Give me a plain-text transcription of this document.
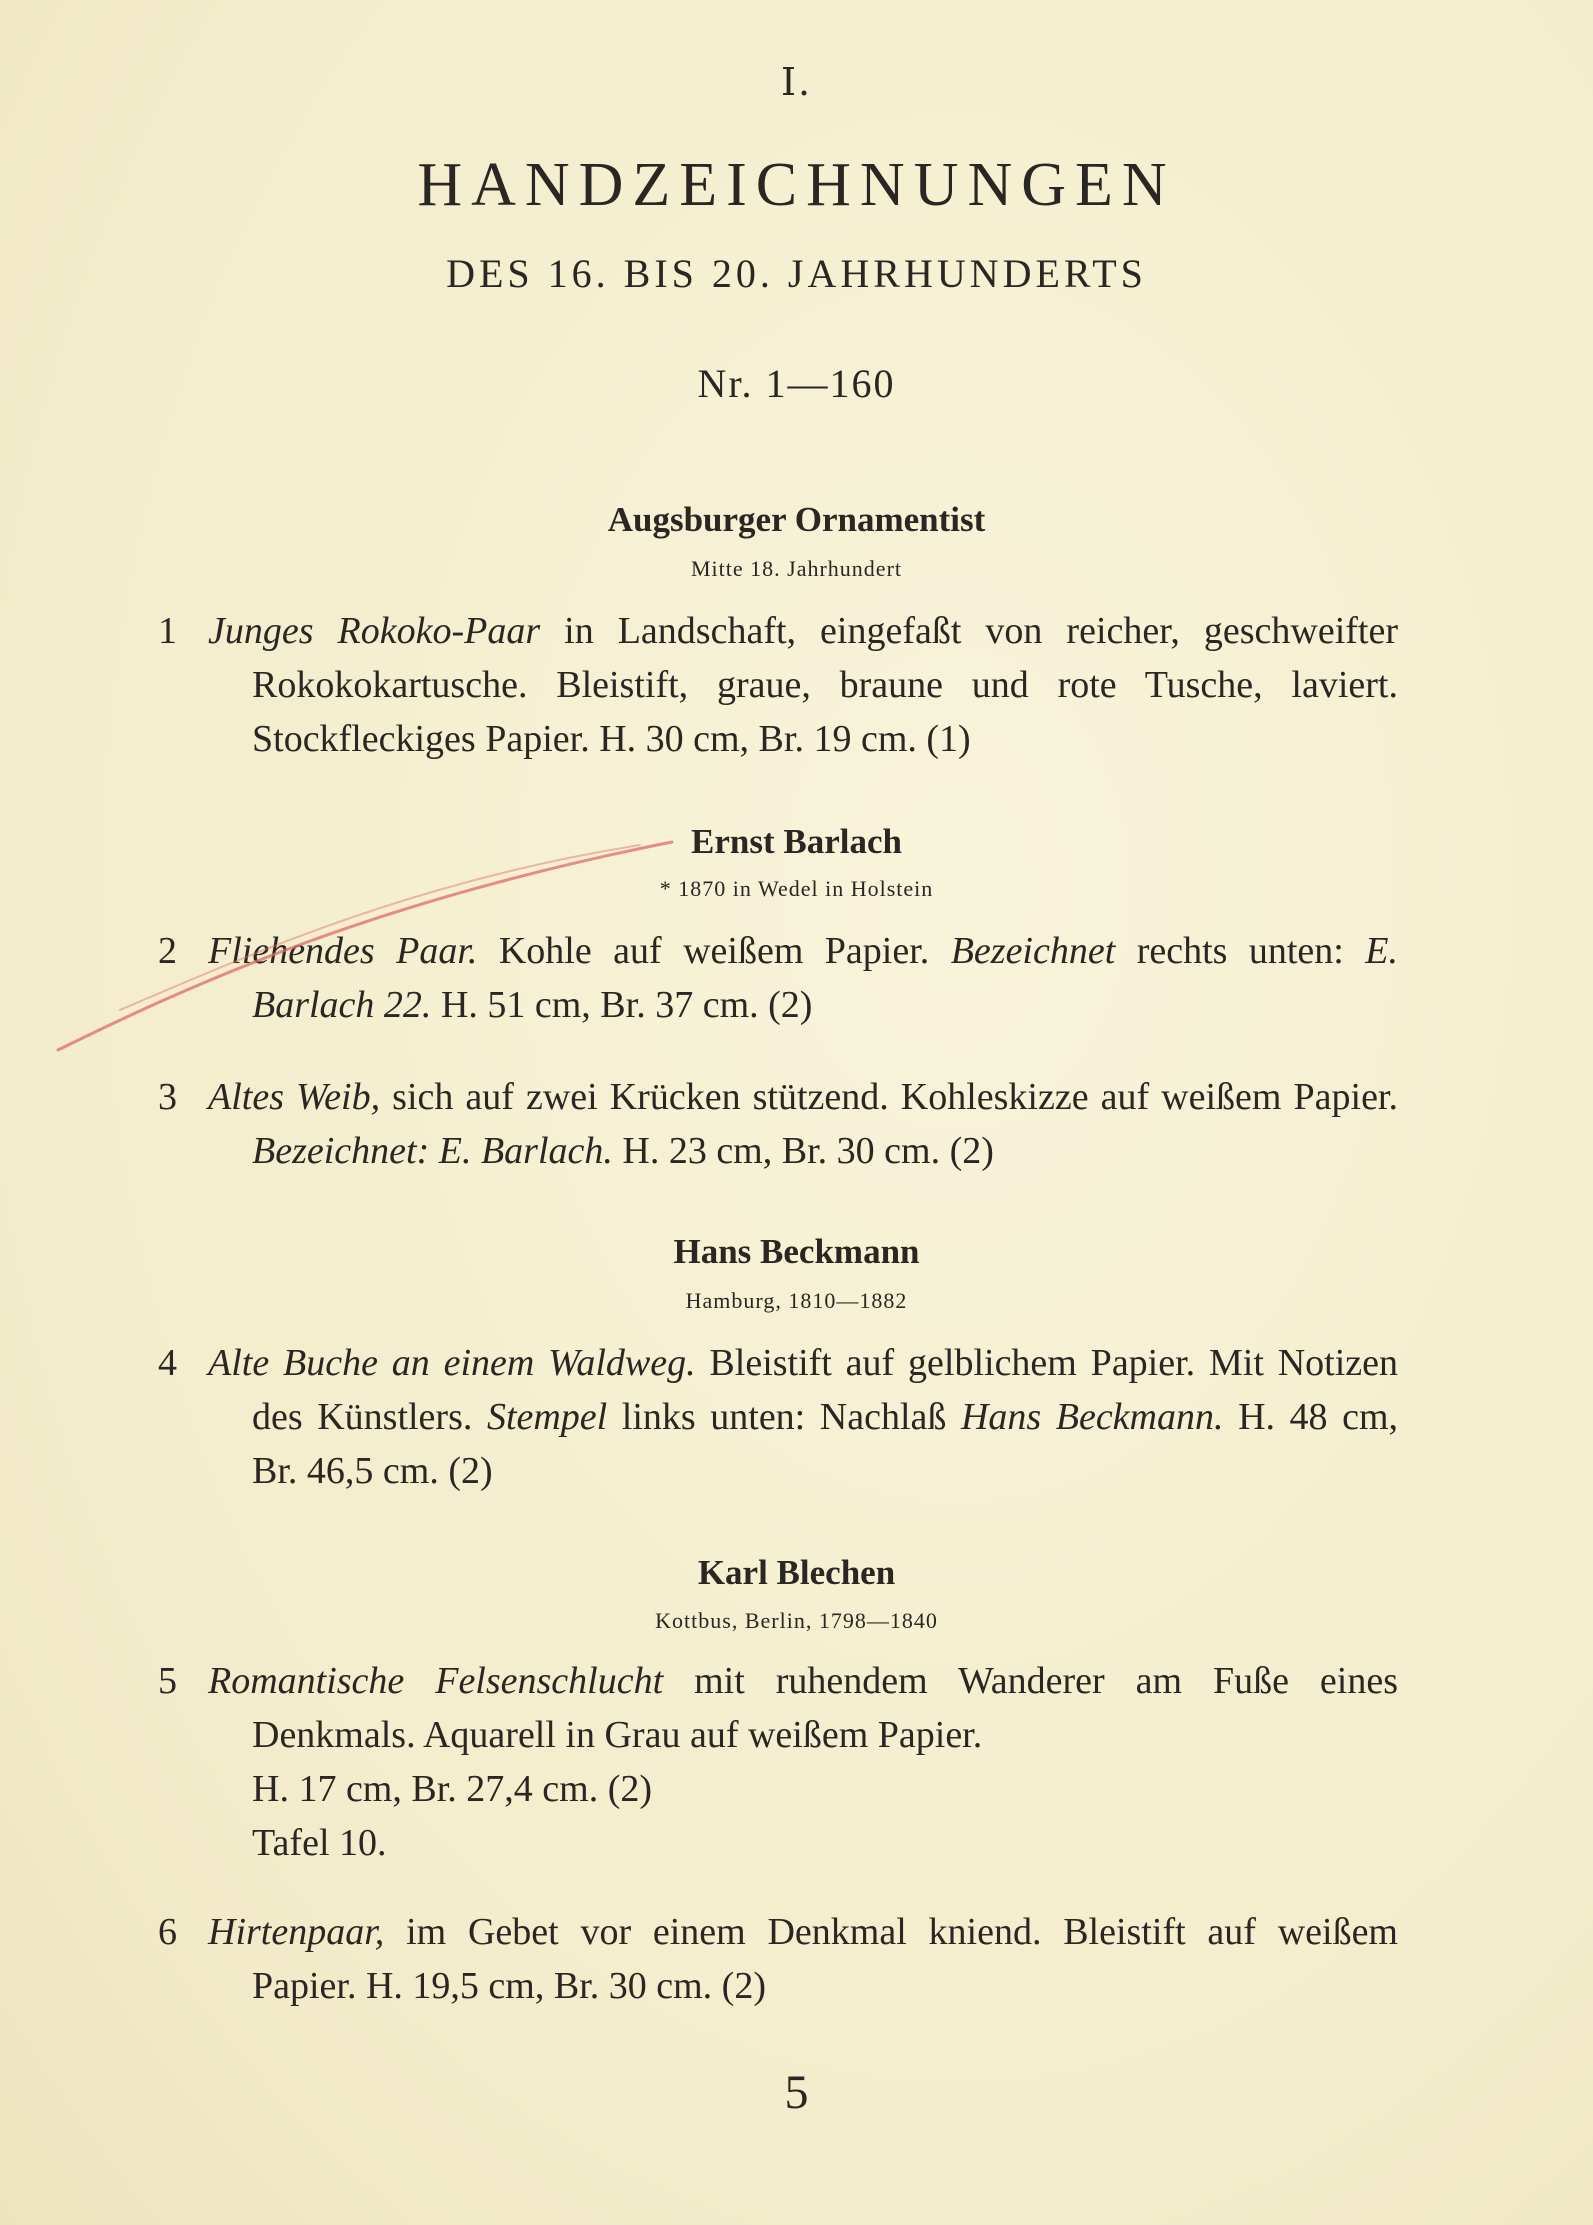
I.
HANDZEICHNUNGEN
DES 16. BIS 20. JAHRHUNDERTS
Nr. 1—160
Augsburger Ornamentist
Mitte 18. Jahrhundert
1 Junges Rokoko-Paar in Landschaft, eingefaßt von reicher, geschweifter Rokokokartusche. Bleistift, graue, braune und rote Tusche, laviert. Stockfleckiges Papier. H. 30 cm, Br. 19 cm. (1)
Ernst Barlach
* 1870 in Wedel in Holstein
2 Fliehendes Paar. Kohle auf weißem Papier. Bezeichnet rechts unten: E. Barlach 22. H. 51 cm, Br. 37 cm. (2)
3 Altes Weib, sich auf zwei Krücken stützend. Kohleskizze auf weißem Papier. Bezeichnet: E. Barlach. H. 23 cm, Br. 30 cm. (2)
Hans Beckmann
Hamburg, 1810—1882
4 Alte Buche an einem Waldweg. Bleistift auf gelblichem Papier. Mit Notizen des Künstlers. Stempel links unten: Nachlaß Hans Beckmann. H. 48 cm, Br. 46,5 cm. (2)
Karl Blechen
Kottbus, Berlin, 1798—1840
5 Romantische Felsenschlucht mit ruhendem Wanderer am Fuße eines Denkmals. Aquarell in Grau auf weißem Papier.
H. 17 cm, Br. 27,4 cm. (2)
Tafel 10.
6 Hirtenpaar, im Gebet vor einem Denkmal kniend. Bleistift auf weißem Papier. H. 19,5 cm, Br. 30 cm. (2)
5
